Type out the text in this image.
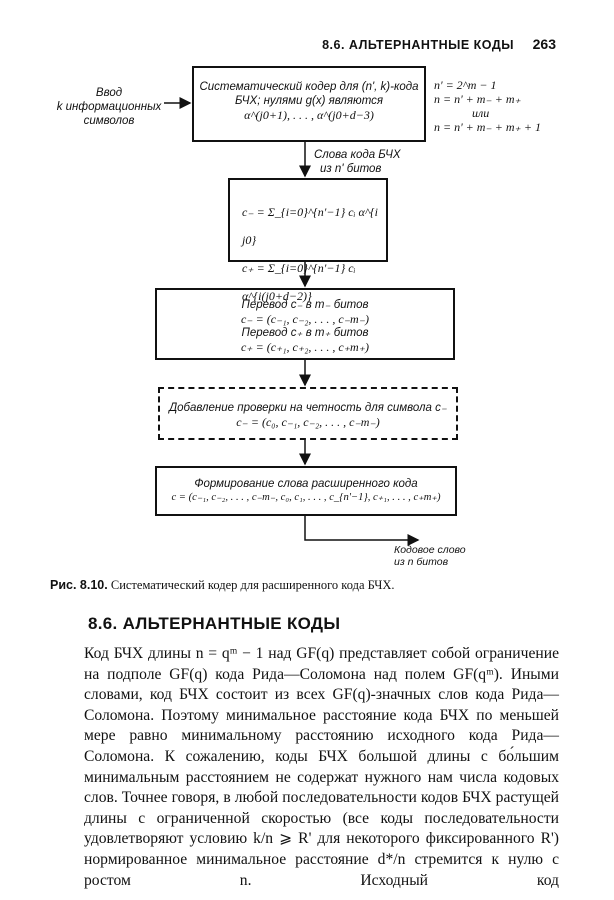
8.6. АЛЬТЕРНАНТНЫЕ КОДЫ 263
Ввод
k информационных
символов
Систематический кодер для (n', k)-кода
БЧХ; нулями g(x) являются
α^(j0+1), . . . , α^(j0+d−3)
n' = 2^m − 1
n = n' + m₋ + m₊
или
n = n' + m₋ + m₊ + 1
Слова кода БЧХ
из n' битов
c₋ = Σ_{i=0}^{n'−1} cᵢ α^{i j0}
c₊ = Σ_{i=0}^{n'−1} cᵢ α^{i(j0+d−2)}
Перевод c₋ в m₋ битов
c₋ = (c₋₁, c₋₂, . . . , c₋m₋)
Перевод c₊ в m₊ битов
c₊ = (c₊₁, c₊₂, . . . , c₊m₊)
Добавление проверки на четность для символа c₋
c₋ = (c₀, c₋₁, c₋₂, . . . , c₋m₋)
Формирование слова расширенного кода
c = (c₋₁, c₋₂, . . . , c₋m₋, c₀, c₁, . . . , c_{n'−1}, c₊₁, . . . , c₊m₊)
Кодовое слово
из n битов
Рис. 8.10. Систематический кодер для расширенного кода БЧХ.
8.6. АЛЬТЕРНАНТНЫЕ КОДЫ

Код БЧХ длины n = qᵐ − 1 над GF(q) представляет собой ограничение на подполе GF(q) кода Рида—Соломона над полем GF(qᵐ). Иными словами, код БЧХ состоит из всех GF(q)-значных слов кода Рида—Соломона. Поэтому минимальное расстояние кода БЧХ по меньшей мере равно минимальному расстоянию исходного кода Рида—Соломона. К сожалению, коды БЧХ большой длины с бо́льшим минимальным расстоянием не содержат нужного нам числа кодовых слов. Точнее говоря, в любой последовательности кодов БЧХ растущей длины с ограниченной скоростью (все коды последовательности удовлетворяют условию k/n ⩾ R' для некоторого фиксированного R') нормированное минимальное расстояние d*/n стремится к нулю с ростом n. Исходный код
